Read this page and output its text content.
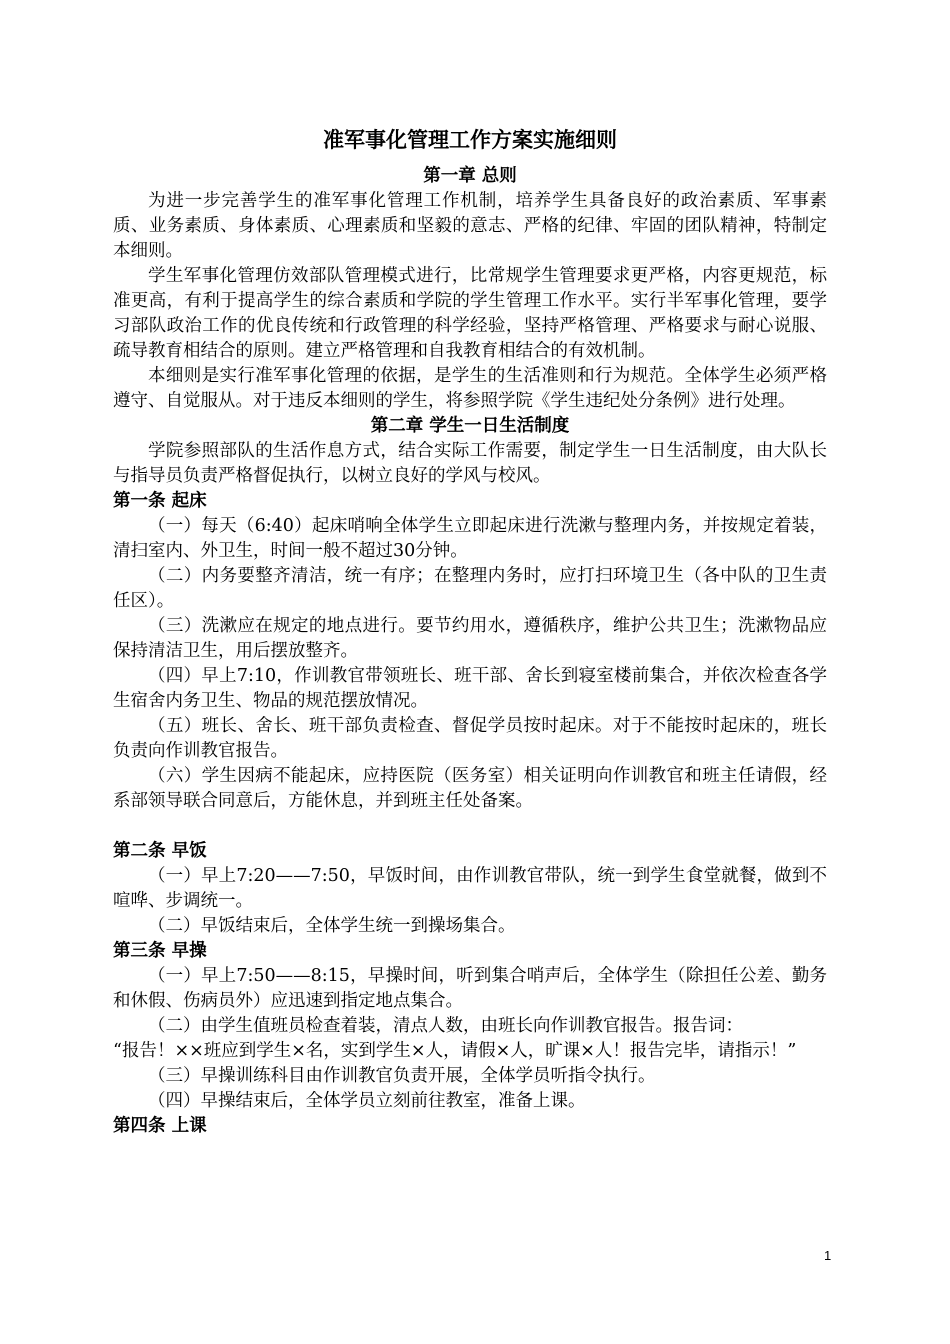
准军事化管理工作方案实施细则

第一章 总则

为进一步完善学生的准军事化管理工作机制，培养学生具备良好的政治素质、军事素质、业务素质、身体素质、心理素质和坚毅的意志、严格的纪律、牢固的团队精神，特制定本细则。

学生军事化管理仿效部队管理模式进行，比常规学生管理要求更严格，内容更规范，标准更高，有利于提高学生的综合素质和学院的学生管理工作水平。实行半军事化管理，要学习部队政治工作的优良传统和行政管理的科学经验，坚持严格管理、严格要求与耐心说服、疏导教育相结合的原则。建立严格管理和自我教育相结合的有效机制。

本细则是实行准军事化管理的依据，是学生的生活准则和行为规范。全体学生必须严格遵守、自觉服从。对于违反本细则的学生，将参照学院《学生违纪处分条例》进行处理。

第二章 学生一日生活制度

学院参照部队的生活作息方式，结合实际工作需要，制定学生一日生活制度，由大队长与指导员负责严格督促执行，以树立良好的学风与校风。

第一条 起床

（一）每天（6:40）起床哨响全体学生立即起床进行洗漱与整理内务，并按规定着装，清扫室内、外卫生，时间一般不超过30分钟。

（二）内务要整齐清洁，统一有序；在整理内务时，应打扫环境卫生（各中队的卫生责任区）。

（三）洗漱应在规定的地点进行。要节约用水，遵循秩序，维护公共卫生；洗漱物品应保持清洁卫生，用后摆放整齐。

（四）早上7:10，作训教官带领班长、班干部、舍长到寝室楼前集合，并依次检查各学生宿舍内务卫生、物品的规范摆放情况。

（五）班长、舍长、班干部负责检查、督促学员按时起床。对于不能按时起床的，班长负责向作训教官报告。

（六）学生因病不能起床，应持医院（医务室）相关证明向作训教官和班主任请假，经系部领导联合同意后，方能休息，并到班主任处备案。

第二条 早饭

（一）早上7:20——7:50，早饭时间，由作训教官带队，统一到学生食堂就餐，做到不喧哗、步调统一。

（二）早饭结束后，全体学生统一到操场集合。

第三条 早操

（一）早上7:50——8:15，早操时间，听到集合哨声后，全体学生（除担任公差、勤务和休假、伤病员外）应迅速到指定地点集合。

（二）由学生值班员检查着装，清点人数，由班长向作训教官报告。报告词：

“报告！××班应到学生×名，实到学生×人，请假×人，旷课×人！报告完毕，请指示！”

（三）早操训练科目由作训教官负责开展，全体学员听指令执行。

（四）早操结束后，全体学员立刻前往教室，准备上课。

第四条 上课

1
